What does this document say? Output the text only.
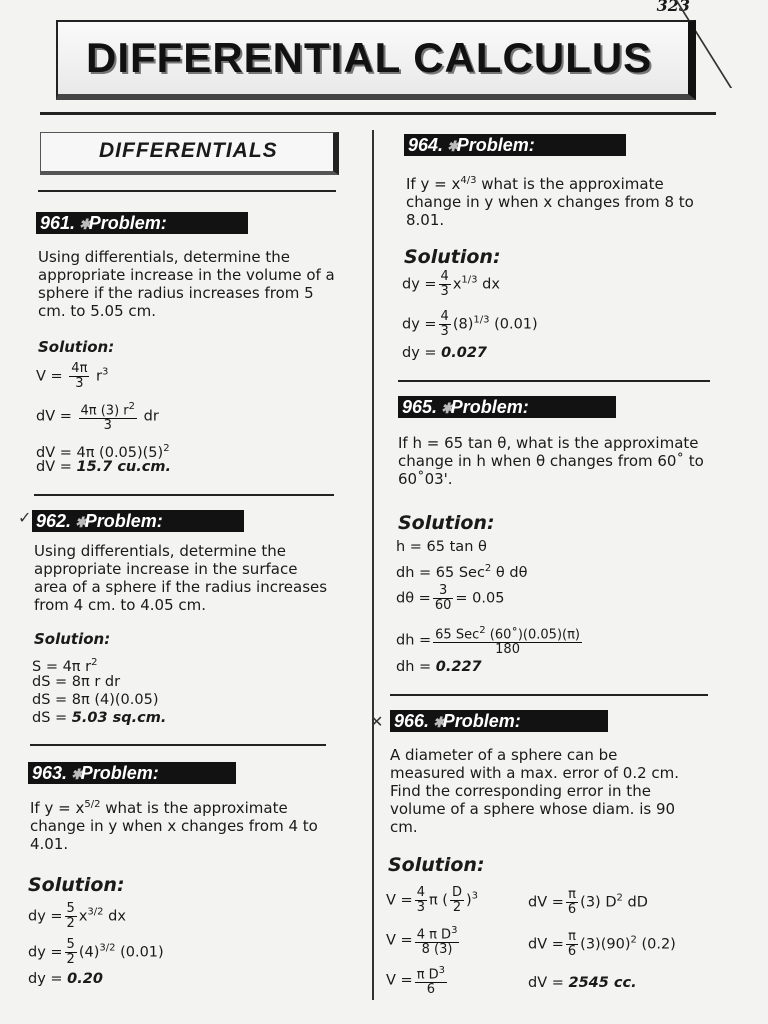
323
DIFFERENTIAL CALCULUS
DIFFERENTIALS
961. ✱Problem:
Using differentials, determine the appropriate increase in the volume of a sphere if the radius increases from 5 cm. to 5.05 cm.
Solution:
$V = \frac{4\pi}{3} r^3$
dV = $\frac{4\pi (3) r^2}{3}$ dr
dV = 4π $(0.05)(5)^2$
dV = 15.7 cu.cm.
✓ 962. ✱Problem:
Using differentials, determine the appropriate increase in the surface area of a sphere if the radius increases from 4 cm. to 4.05 cm.
Solution:
S = 4π $r^2$
dS = 8π r dr
dS = 8π (4)(0.05)
dS = 5.03 sq.cm.
963. ✱Problem:
If $y = x^{5/2}$ what is the approximate change in y when x changes from 4 to 4.01.
Solution:
dy = $\frac{5}{2} x^{3/2}$ dx
dy = $\frac{5}{2} (4)^{3/2}$ (0.01)
dy = 0.20
964. ✱Problem:
If $y = x^{4/3}$ what is the approximate change in y when x changes from 8 to 8.01.
Solution:
dy = $\frac{4}{3} x^{1/3}$ dx
dy = $\frac{4}{3} (8)^{1/3}$ (0.01)
dy = 0.027
965. ✱Problem:
If h = 65 tan θ, what is the approximate change in h when θ changes from 60˚ to 60˚03'.
Solution:
h = 65 tan θ
dh = 65 Sec$^2$ θ dθ
$d\theta = \frac{3}{60} = 0.05$
dh = $\frac{65 Sec^2 (60˚)(0.05)(\pi)}{180}$
dh = 0.227
✕ 966. ✱Problem:
A diameter of a sphere can be measured with a max. error of 0.2 cm. Find the corresponding error in the volume of a sphere whose diam. is 90 cm.
Solution:
$V = \frac{4}{3}$ π ( $\frac{D}{2} )^3$
$V = \frac{4 \pi D^3}{8 (3)}$
$V = \frac{\pi D^3}{6}$
dV = $\frac{\pi}{6} (3)$ $D^2$ dD
dV = $\frac{\pi}{6} (3)(90)^2$ (0.2)
dV = 2545 cc.
